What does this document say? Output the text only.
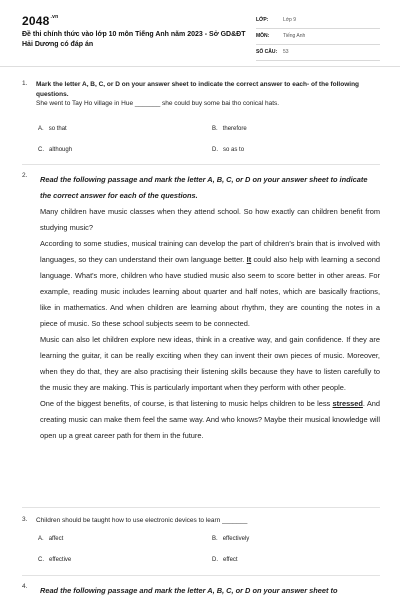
$2048^{.vn}$
Đề thi chính thức vào lớp 10 môn Tiếng Anh năm 2023 - Sở GD&ĐT Hải Dương có đáp án
LỚP:	Lớp 9
MÔN:	Tiếng Anh
SỐ CÂU: 53
1. Mark the letter A, B, C, or D on your answer sheet to indicate the correct answer to each- of the following questions.
She went to Tay Ho village in Hue _______ she could buy some bai tho conical hats.
A. so that	B. therefore
C. although	D. so as to
2. Read the following passage and mark the letter A, B, C, or D on your answer sheet to indicate the correct answer for each of the questions.

Many children have music classes when they attend school. So how exactly can children benefit from studying music?

According to some studies, musical training can develop the part of children's brain that is involved with languages, so they can understand their own language better. It could also help with learning a second language. What's more, children who have studied music also seem to score better in other areas. For example, reading music includes learning about quarter and half notes, which are basically fractions, like in mathematics. And when children are learning about rhythm, they are counting the notes in a piece of music. So these school subjects seem to be connected.

Music can also let children explore new ideas, think in a creative way, and gain confidence. If they are learning the guitar, it can be really exciting when they can invent their own pieces of music. Moreover, when they do that, they are also practising their listening skills because they have to listen carefully to the music they are making. This is particularly important when they perform with other people.

One of the biggest benefits, of course, is that listening to music helps children to be less stressed. And creating music can make them feel the same way. And who knows? Maybe their musical knowledge will open up a great career path for them in the future.

3. Children should be taught how to use electronic devices to learn _______
A. affect	B. effectively
C. effective	D. effect
4. Read the following passage and mark the letter A, B, C, or D on your answer sheet to
